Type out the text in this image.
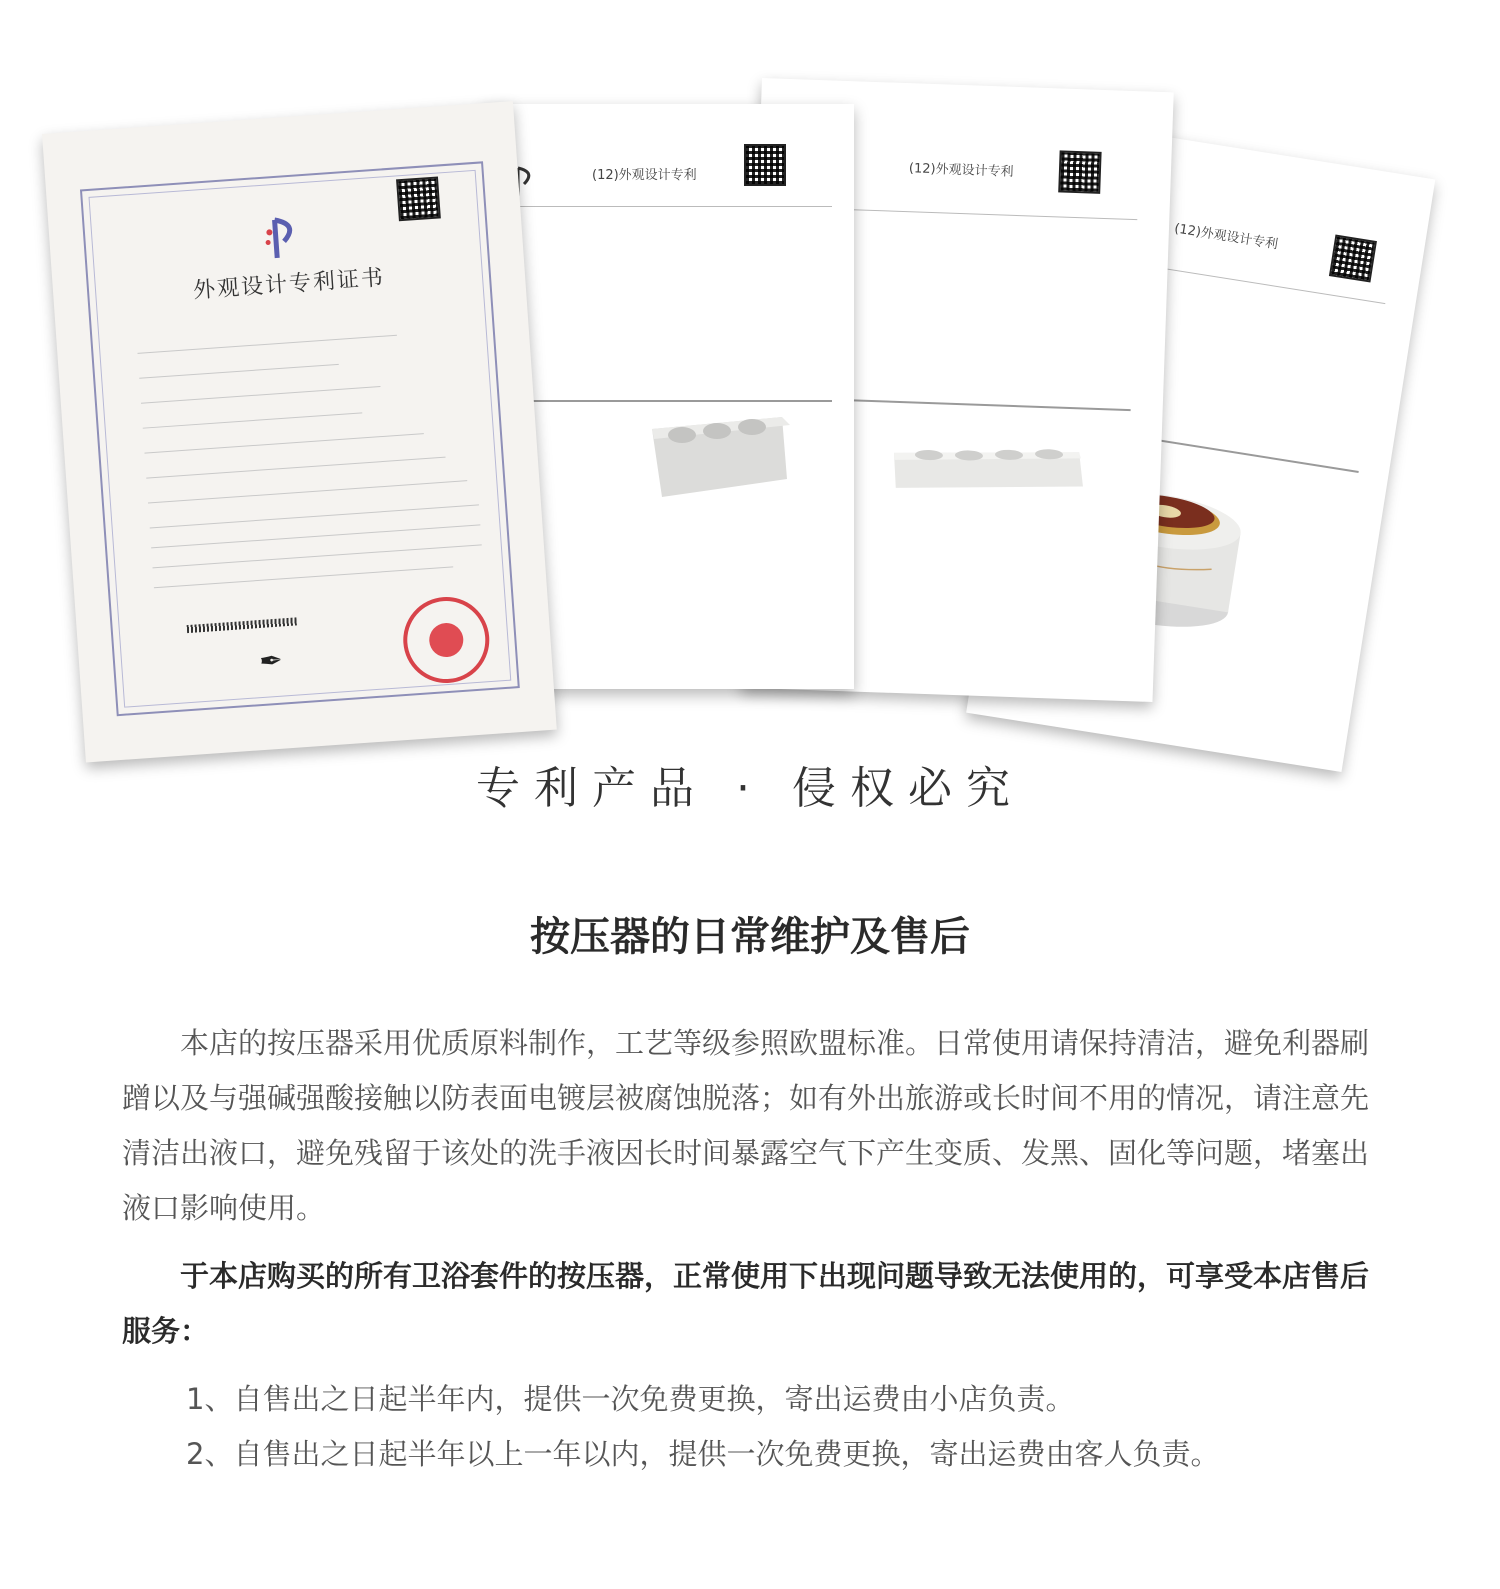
(12)外观设计专利
(12)外观设计专利
(12)外观设计专利
外观设计专利证书
✒
专利产品 · 侵权必究
按压器的日常维护及售后
本店的按压器采用优质原料制作，工艺等级参照欧盟标准。日常使用请保持清洁，避免利器刷蹭以及与强碱强酸接触以防表面电镀层被腐蚀脱落；如有外出旅游或长时间不用的情况，请注意先清洁出液口，避免残留于该处的洗手液因长时间暴露空气下产生变质、发黑、固化等问题，堵塞出液口影响使用。
于本店购买的所有卫浴套件的按压器，正常使用下出现问题导致无法使用的，可享受本店售后服务：
1、自售出之日起半年内，提供一次免费更换，寄出运费由小店负责。
2、自售出之日起半年以上一年以内，提供一次免费更换，寄出运费由客人负责。
